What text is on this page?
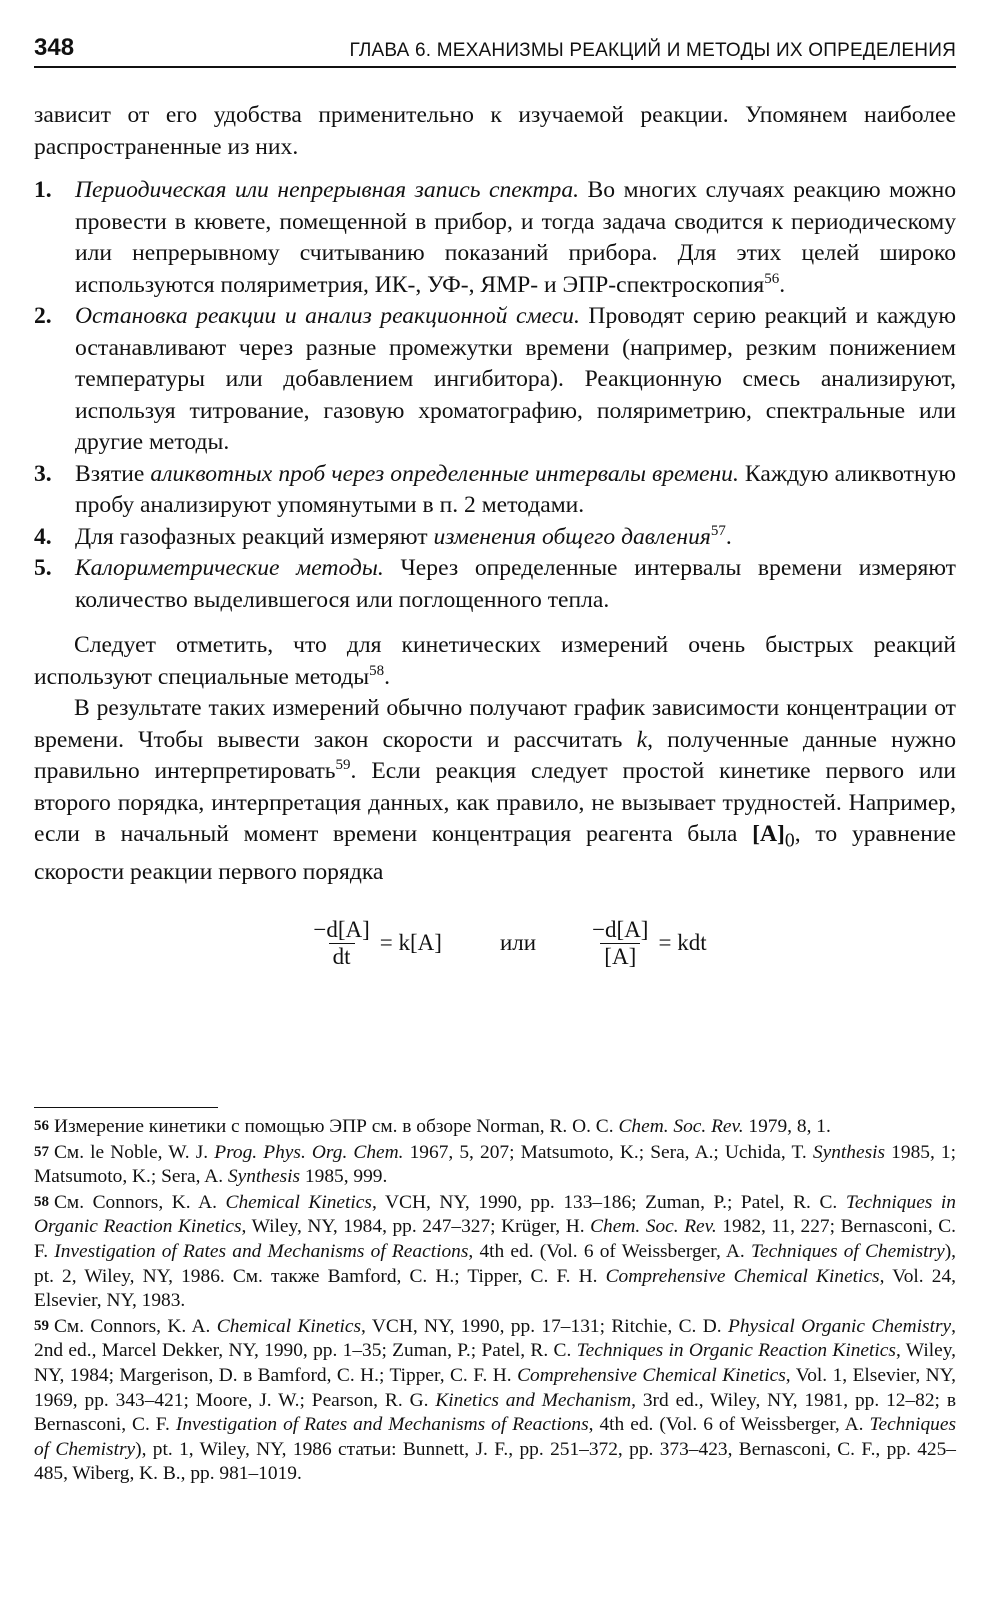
348	ГЛАВА 6. МЕХАНИЗМЫ РЕАКЦИЙ И МЕТОДЫ ИХ ОПРЕДЕЛЕНИЯ

зависит от его удобства применительно к изучаемой реакции. Упомянем наиболее распространенные из них.

1. Периодическая или непрерывная запись спектра. Во многих случаях реакцию можно провести в кювете, помещенной в прибор, и тогда задача сводится к периодическому или непрерывному считыванию показаний прибора. Для этих целей широко используются поляриметрия, ИК-, УФ-, ЯМР- и ЭПР-спектроскопия$^{56}$.
2. Остановка реакции и анализ реакционной смеси. Проводят серию реакций и каждую останавливают через разные промежутки времени (например, резким понижением температуры или добавлением ингибитора). Реакционную смесь анализируют, используя титрование, газовую хроматографию, поляриметрию, спектральные или другие методы.
3. Взятие аликвотных проб через определенные интервалы времени. Каждую аликвотную пробу анализируют упомянутыми в п. 2 методами.
4. Для газофазных реакций измеряют изменения общего давления$^{57}$.
5. Калориметрические методы. Через определенные интервалы времени измеряют количество выделившегося или поглощенного тепла.

Следует отметить, что для кинетических измерений очень быстрых реакций используют специальные методы$^{58}$.

В результате таких измерений обычно получают график зависимости концентрации от времени. Чтобы вывести закон скорости и рассчитать k, полученные данные нужно правильно интерпретировать$^{59}$. Если реакция следует простой кинетике первого или второго порядка, интерпретация данных, как правило, не вызывает трудностей. Например, если в начальный момент времени концентрация реагента была $[A]_0$, то уравнение скорости реакции первого порядка

$\frac{-d[A]}{dt} = k[A]$	или $\frac{-d[A]}{[A]}$ = kdt

56 Измерение кинетики с помощью ЭПР см. в обзоре Norman, R. O. C. Chem. Soc. Rev. 1979, 8, 1.

57 См. le Noble, W. J. Prog. Phys. Org. Chem. 1967, 5, 207; Matsumoto, K.; Sera, A.; Uchida, T. Synthesis 1985, 1; Matsumoto, K.; Sera, A. Synthesis 1985, 999.

58 См. Connors, K. A. Chemical Kinetics, VCH, NY, 1990, pp. 133–186; Zuman, P.; Patel, R. C. Techniques in Organic Reaction Kinetics, Wiley, NY, 1984, pp. 247–327; Krüger, H. Chem. Soc. Rev. 1982, 11, 227; Bernasconi, C. F. Investigation of Rates and Mechanisms of Reactions, 4th ed. (Vol. 6 of Weissberger, A. Techniques of Chemistry), pt. 2, Wiley, NY, 1986. См. также Bamford, C. H.; Tipper, C. F. H. Comprehensive Chemical Kinetics, Vol. 24, Elsevier, NY, 1983.

59 См. Connors, K. A. Chemical Kinetics, VCH, NY, 1990, pp. 17–131; Ritchie, C. D. Physical Organic Chemistry, 2nd ed., Marcel Dekker, NY, 1990, pp. 1–35; Zuman, P.; Patel, R. C. Techniques in Organic Reaction Kinetics, Wiley, NY, 1984; Margerison, D. в Bamford, C. H.; Tipper, C. F. H. Comprehensive Chemical Kinetics, Vol. 1, Elsevier, NY, 1969, pp. 343–421; Moore, J. W.; Pearson, R. G. Kinetics and Mechanism, 3rd ed., Wiley, NY, 1981, pp. 12–82; в Bernasconi, C. F. Investigation of Rates and Mechanisms of Reactions, 4th ed. (Vol. 6 of Weissberger, A. Techniques of Chemistry), pt. 1, Wiley, NY, 1986 статьи: Bunnett, J. F., pp. 251–372, pp. 373–423, Bernasconi, C. F., pp. 425–485, Wiberg, K. B., pp. 981–1019.
